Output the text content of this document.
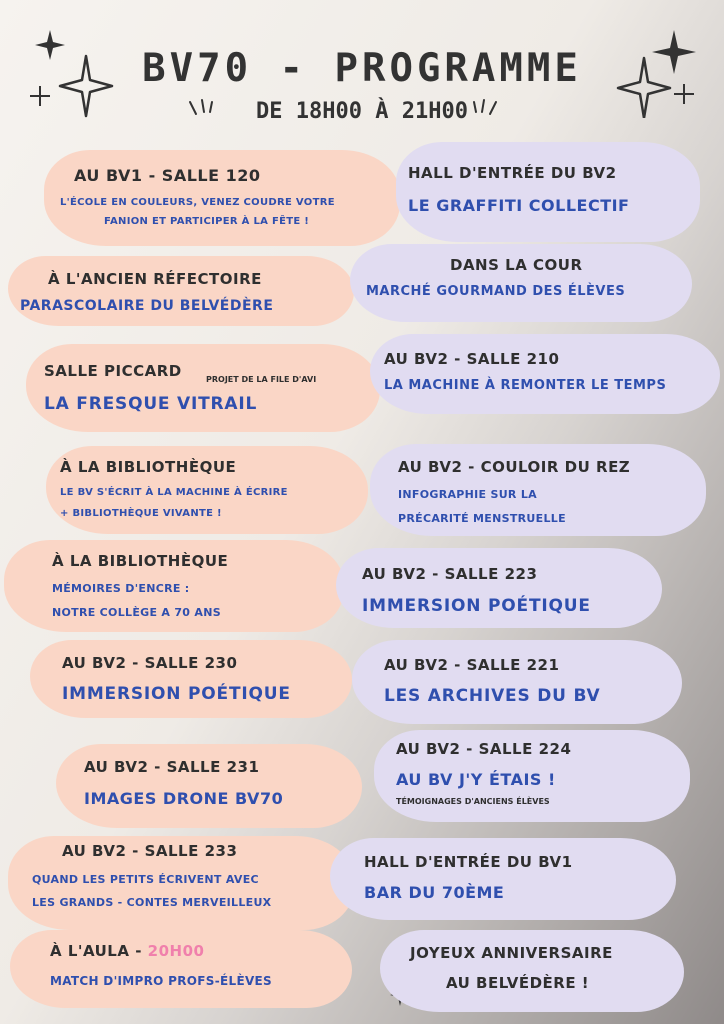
BV70 - PROGRAMME
DE 18H00 À 21H00
AU BV1 - SALLE 120
L'ÉCOLE EN COULEURS, VENEZ COUDRE VOTRE
FANION ET PARTICIPER À LA FÊTE !
HALL D'ENTRÉE DU BV2
LE GRAFFITI COLLECTIF
À L'ANCIEN RÉFECTOIRE
PARASCOLAIRE DU BELVÉDÈRE
DANS LA COUR
MARCHÉ GOURMAND DES ÉLÈVES
SALLE PICCARD	PROJET DE LA FILE D'AVI
LA FRESQUE VITRAIL
AU BV2 - SALLE 210
LA MACHINE À REMONTER LE TEMPS
À LA BIBLIOTHÈQUE
LE BV S'ÉCRIT À LA MACHINE À ÉCRIRE
+ BIBLIOTHÈQUE VIVANTE !
AU BV2 - COULOIR DU REZ
INFOGRAPHIE SUR LA
PRÉCARITÉ MENSTRUELLE
À LA BIBLIOTHÈQUE
MÉMOIRES D'ENCRE :
NOTRE COLLÈGE A 70 ANS
AU BV2 - SALLE 223
IMMERSION POÉTIQUE
AU BV2 - SALLE 230
IMMERSION POÉTIQUE
AU BV2 - SALLE 221
LES ARCHIVES DU BV
AU BV2 - SALLE 231
IMAGES DRONE BV70
AU BV2 - SALLE 224
AU BV J'Y ÉTAIS !
TÉMOIGNAGES D'ANCIENS ÉLÈVES
AU BV2 - SALLE 233
QUAND LES PETITS ÉCRIVENT AVEC
LES GRANDS - CONTES MERVEILLEUX
HALL D'ENTRÉE DU BV1
BAR DU 70ÈME
À L'AULA - 20H00
MATCH D'IMPRO PROFS-ÉLÈVES
JOYEUX ANNIVERSAIRE
AU BELVÉDÈRE !
